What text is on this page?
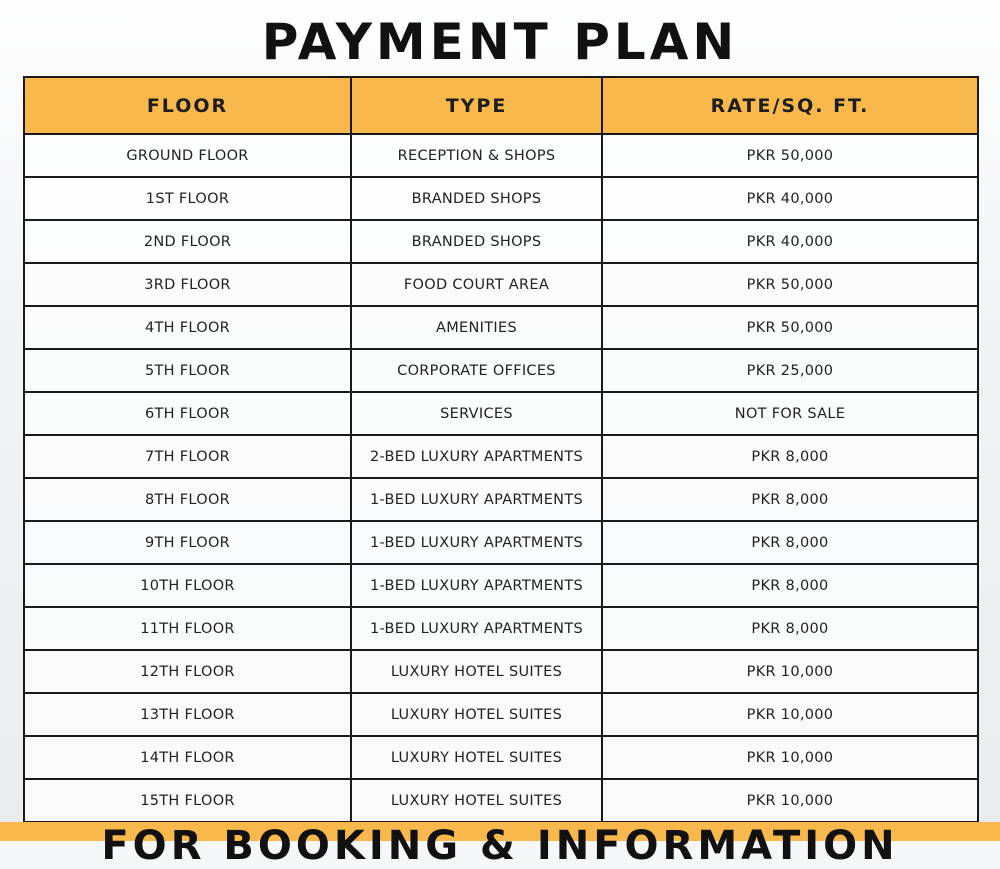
PAYMENT PLAN
FLOOR	TYPE	RATE/SQ. FT.
GROUND FLOOR	RECEPTION & SHOPS	PKR 50,000
1ST FLOOR	BRANDED SHOPS	PKR 40,000
2ND FLOOR	BRANDED SHOPS	PKR 40,000
3RD FLOOR	FOOD COURT AREA	PKR 50,000
4TH FLOOR	AMENITIES	PKR 50,000
5TH FLOOR	CORPORATE OFFICES	PKR 25,000
6TH FLOOR	SERVICES	NOT FOR SALE
7TH FLOOR	2-BED LUXURY APARTMENTS	PKR 8,000
8TH FLOOR	1-BED LUXURY APARTMENTS	PKR 8,000
9TH FLOOR	1-BED LUXURY APARTMENTS	PKR 8,000
10TH FLOOR	1-BED LUXURY APARTMENTS	PKR 8,000
11TH FLOOR	1-BED LUXURY APARTMENTS	PKR 8,000
12TH FLOOR	LUXURY HOTEL SUITES	PKR 10,000
13TH FLOOR	LUXURY HOTEL SUITES	PKR 10,000
14TH FLOOR	LUXURY HOTEL SUITES	PKR 10,000
15TH FLOOR	LUXURY HOTEL SUITES	PKR 10,000
FOR BOOKING & INFORMATION
